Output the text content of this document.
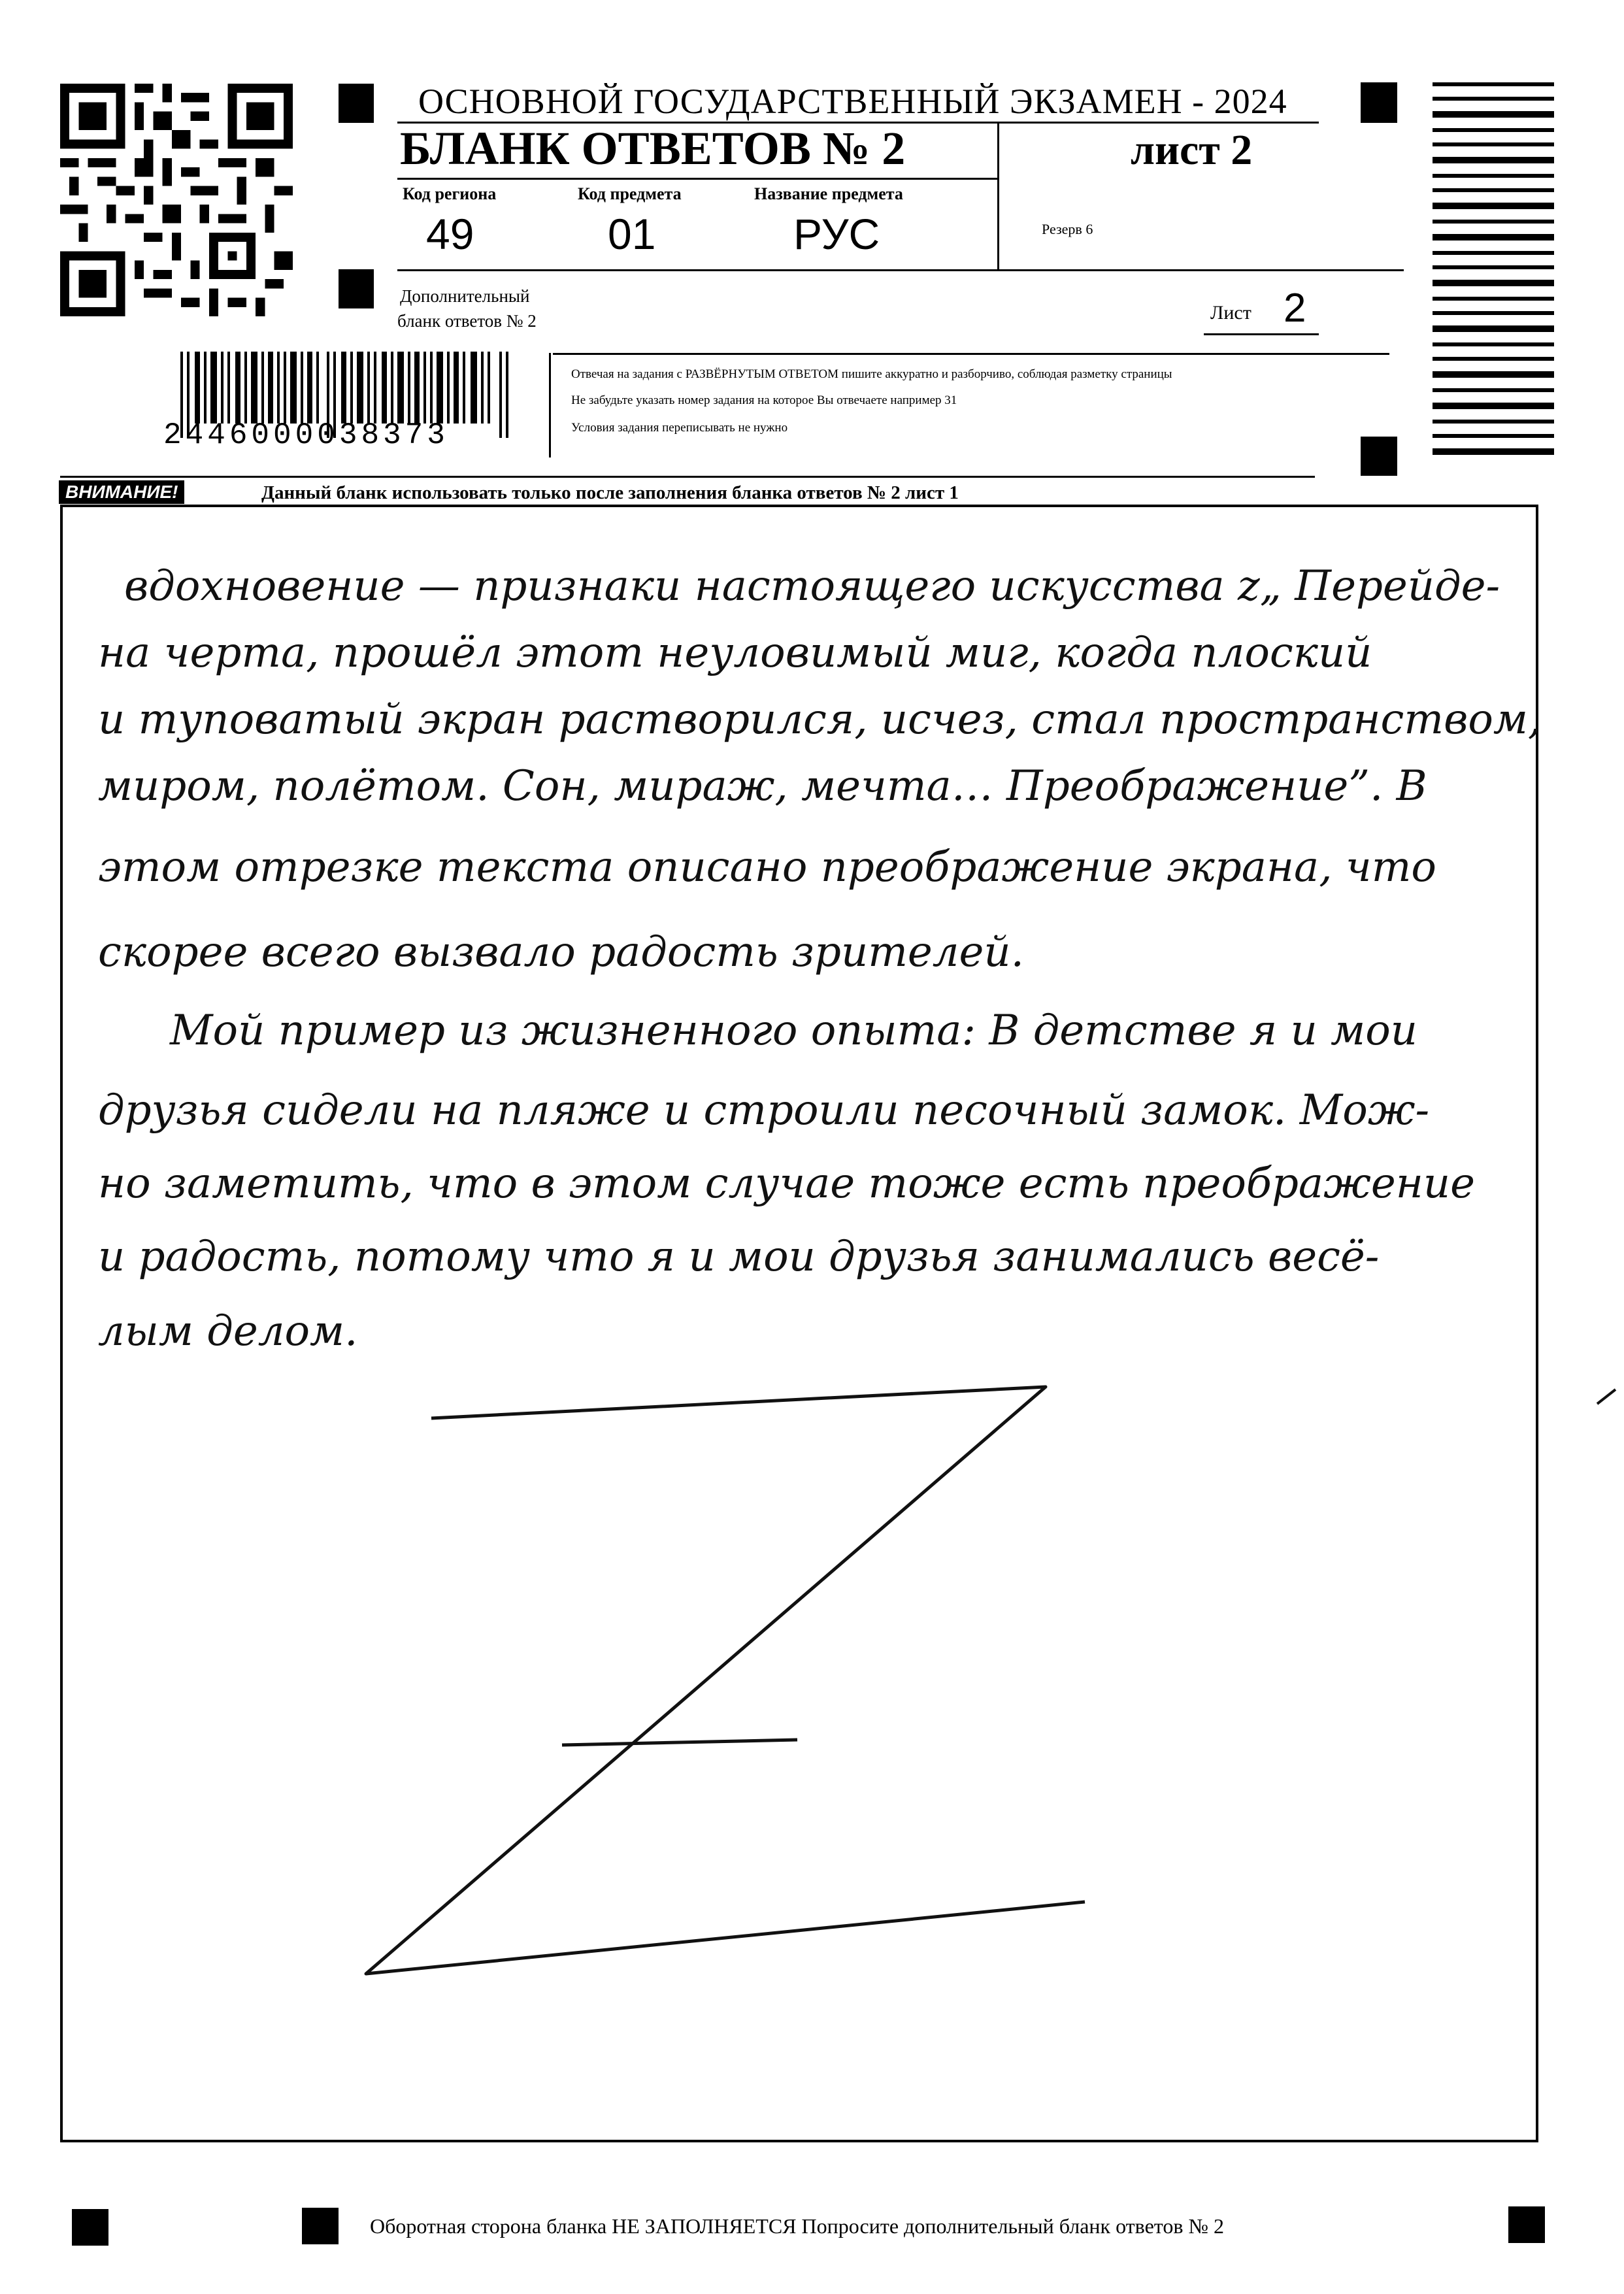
ОСНОВНОЙ ГОСУДАРСТВЕННЫЙ ЭКЗАМЕН - 2024
БЛАНК ОТВЕТОВ № 2	лист 2
Код региона
49
Код предмета
01
Название предмета
РУС	Резерв 6
Дополнительный
бланк ответов № 2	Лист 2
Отвечая на задания с РАЗВЁРНУТЫМ ОТВЕТОМ пишите аккуратно и разборчиво, соблюдая разметку страницы
Не забудьте указать номер задания на которое Вы отвечаете например 31
Условия задания переписывать не нужно
2446000038373
ВНИМАНИЕ!	Данный бланк использовать только после заполнения бланка ответов № 2 лист 1
вдохновение — признаки настоящего искусства z„ Перейде-
на черта, прошёл этот неуловимый миг, когда плоский
и туповатый экран растворился, исчез, стал пространством,
миром, полётом. Сон, мираж, мечта… Преображение”. В
этом отрезке текста описано преображение экрана, что
скорее всего вызвало радость зрителей.
Мой пример из жизненного опыта: В детстве я и мои
друзья сидели на пляже и строили песочный замок. Мож-
но заметить, что в этом случае тоже есть преображение
и радость, потому что я и мои друзья занимались весё-
лым делом.
Оборотная сторона бланка НЕ ЗАПОЛНЯЕТСЯ Попросите дополнительный бланк ответов № 2
